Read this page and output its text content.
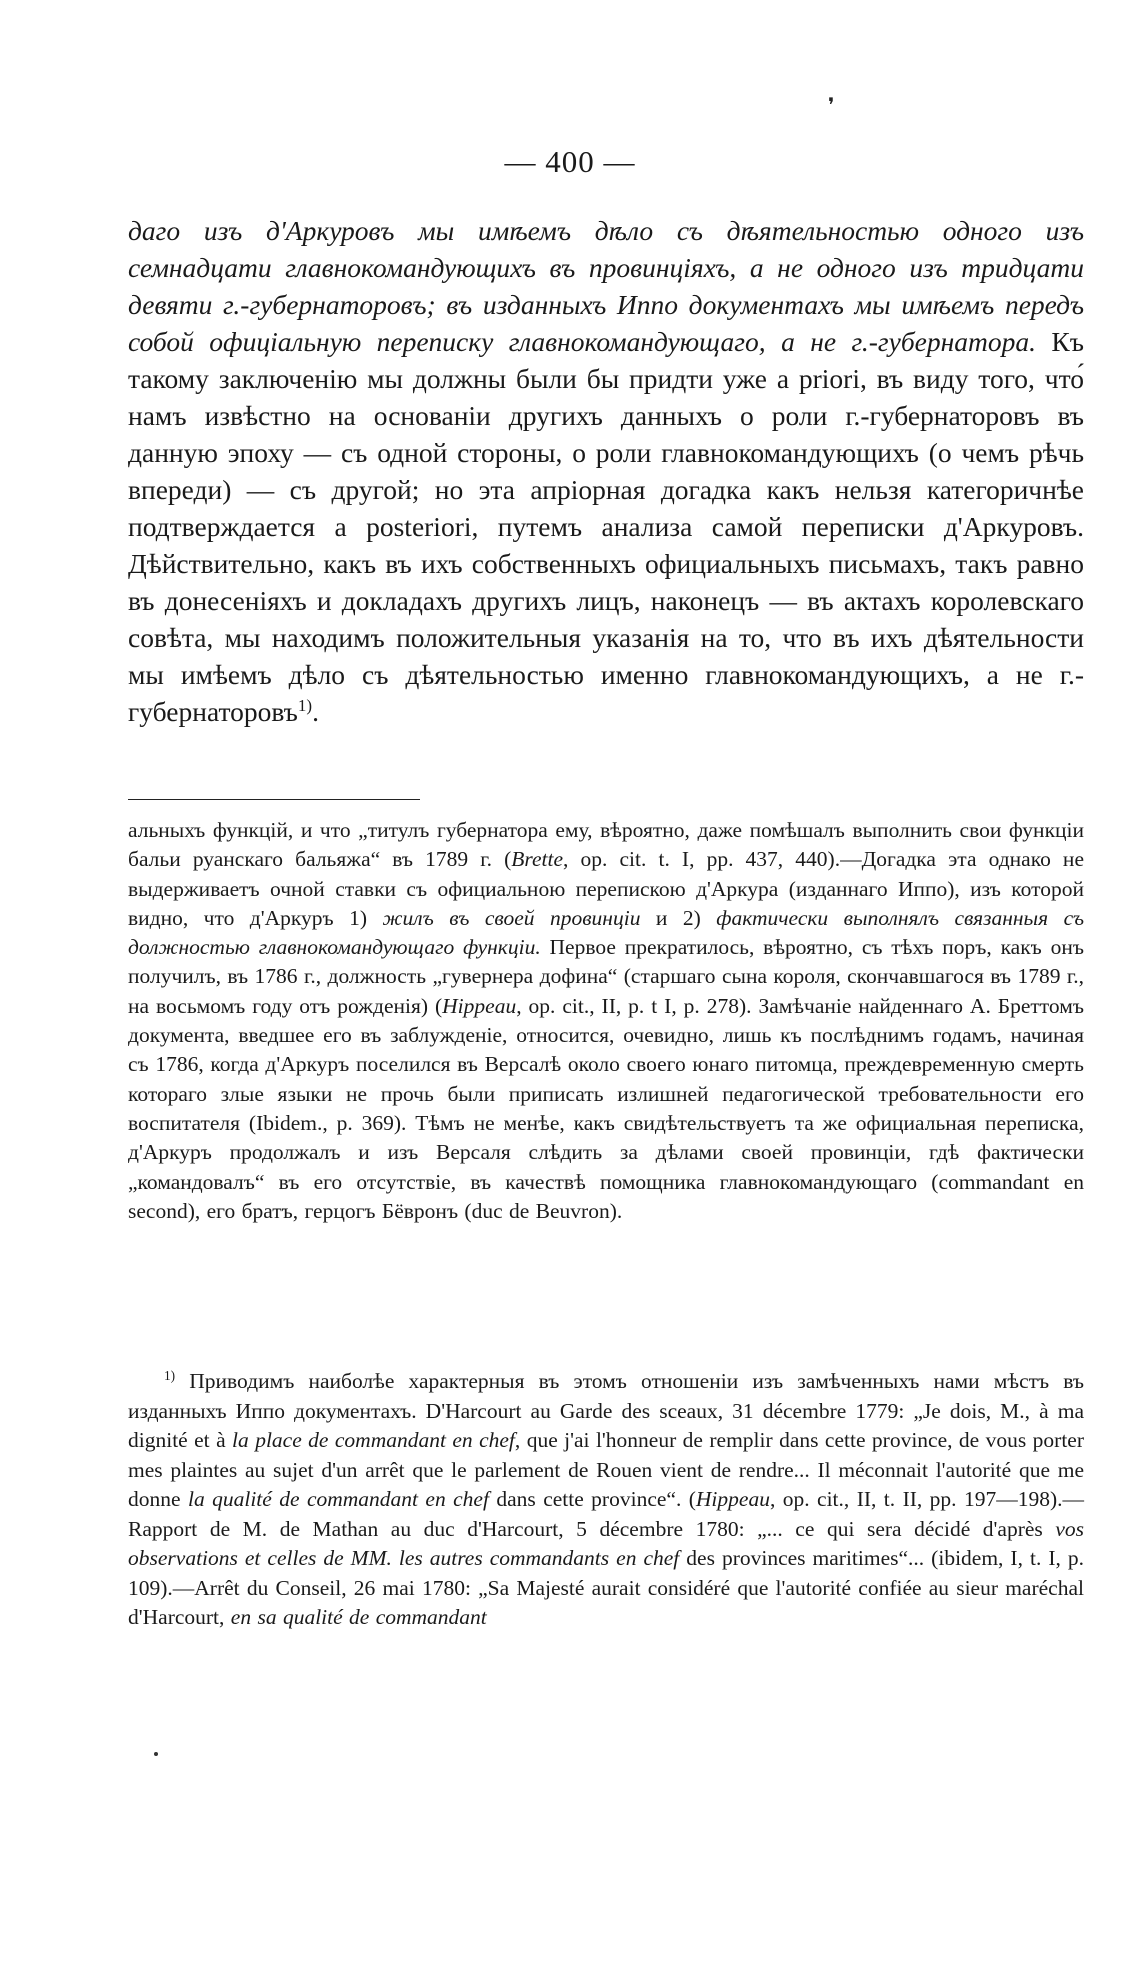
❜
— 400 —
даго изъ д'Аркуровъ мы имѣемъ дѣло съ дѣятельностью одного изъ семнадцати главнокомандующихъ въ провинціяхъ, а не одного изъ тридцати девяти г.-губернаторовъ; въ изданныхъ Иппо документахъ мы имѣемъ передъ собой офиціальную переписку главнокомандующаго, а не г.-губернатора. Къ такому заключенію мы должны были бы придти уже a priori, въ виду того, что́ намъ извѣстно на основаніи другихъ данныхъ о роли г.-губернаторовъ въ данную эпоху — съ одной стороны, о роли главнокомандующихъ (о чемъ рѣчь впереди) — съ другой; но эта апріорная догадка какъ нельзя категоричнѣе подтверждается a posteriori, путемъ анализа самой переписки д'Аркуровъ. Дѣйствительно, какъ въ ихъ собственныхъ официальныхъ письмахъ, такъ равно въ донесеніяхъ и докладахъ другихъ лицъ, наконецъ — въ актахъ королевскаго совѣта, мы находимъ положительныя указанія на то, что въ ихъ дѣятельности мы имѣемъ дѣло съ дѣятельностью именно главнокомандующихъ, а не г.-губернаторовъ$^{1)}$.
альныхъ функцій, и что „титулъ губернатора ему, вѣроятно, даже помѣшалъ выполнить свои функціи бальи руанскаго бальяжа“ въ 1789 г. (Brette, op. cit. t. I, pp. 437, 440).—Догадка эта однако не выдерживаетъ очной ставки съ официальною перепискою д'Аркура (изданнаго Иппо), изъ которой видно, что д'Аркуръ 1) жилъ въ своей провинціи и 2) фактически выполнялъ связанныя съ должностью главнокомандующаго функціи. Первое прекратилось, вѣроятно, съ тѣхъ поръ, какъ онъ получилъ, въ 1786 г., должность „гувернера дофина“ (старшаго сына короля, скончавшагося въ 1789 г., на восьмомъ году отъ рожденія) (Hippeau, op. cit., II, p. t I, p. 278). Замѣчаніе найденнаго А. Бреттомъ документа, введшее его въ заблужденіе, относится, очевидно, лишь къ послѣднимъ годамъ, начиная съ 1786, когда д'Аркуръ поселился въ Версалѣ около своего юнаго питомца, преждевременную смерть котораго злые языки не прочь были приписать излишней педагогической требовательности его воспитателя (Ibidem., p. 369). Тѣмъ не менѣе, какъ свидѣтельствуетъ та же официальная переписка, д'Аркуръ продолжалъ и изъ Версаля слѣдить за дѣлами своей провинціи, гдѣ фактически „командовалъ“ въ его отсутствіе, въ качествѣ помощника главнокомандующаго (commandant en second), его братъ, герцогъ Бёвронъ (duc de Beuvron).
$^{1)}$ Приводимъ наиболѣе характерныя въ этомъ отношеніи изъ замѣченныхъ нами мѣстъ въ изданныхъ Иппо документахъ. D'Harcourt au Garde des sceaux, 31 décembre 1779: „Je dois, M., à ma dignité et à la place de commandant en chef, que j'ai l'honneur de remplir dans cette province, de vous porter mes plaintes au sujet d'un arrêt que le parlement de Rouen vient de rendre... Il méconnait l'autorité que me donne la qualité de commandant en chef dans cette province“. (Hippeau, op. cit., II, t. II, pp. 197—198).—Rapport de M. de Mathan au duc d'Harcourt, 5 décembre 1780: „... ce qui sera décidé d'après vos observations et celles de MM. les autres commandants en chef des provinces maritimes“... (ibidem, I, t. I, p. 109).—Arrêt du Conseil, 26 mai 1780: „Sa Majesté aurait considéré que l'autorité confiée au sieur maréchal d'Harcourt, en sa qualité de commandant
